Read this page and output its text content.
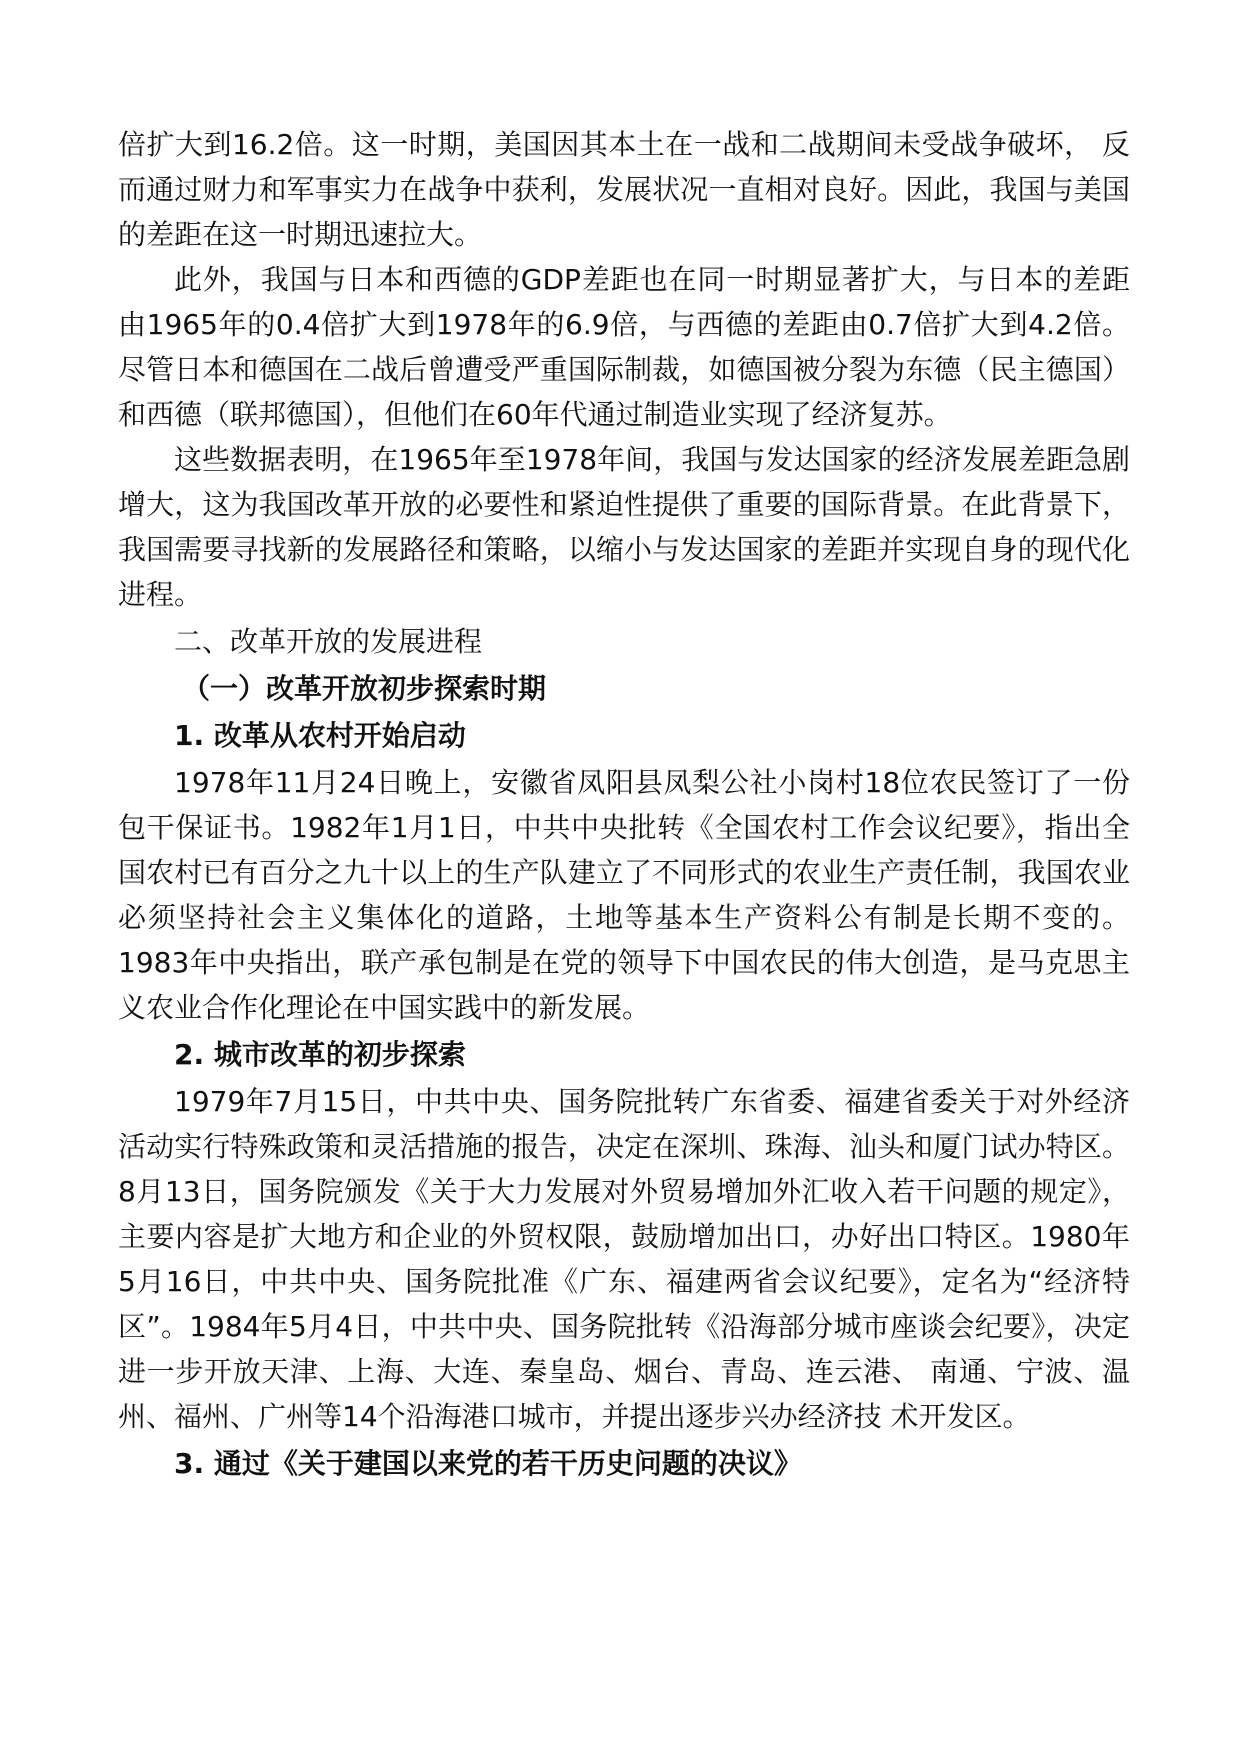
倍扩大到16.2倍。这一时期，美国因其本土在一战和二战期间未受战争破坏， 反而通过财力和军事实力在战争中获利，发展状况一直相对良好。因此，我国与美国的差距在这一时期迅速拉大。

此外，我国与日本和西德的GDP差距也在同一时期显著扩大，与日本的差距由1965年的0.4倍扩大到1978年的6.9倍，与西德的差距由0.7倍扩大到4.2倍。尽管日本和德国在二战后曾遭受严重国际制裁，如德国被分裂为东德（民主德国）和西德（联邦德国），但他们在60年代通过制造业实现了经济复苏。

这些数据表明，在1965年至1978年间，我国与发达国家的经济发展差距急剧增大，这为我国改革开放的必要性和紧迫性提供了重要的国际背景。在此背景下，我国需要寻找新的发展路径和策略，以缩小与发达国家的差距并实现自身的现代化进程。

二、改革开放的发展进程
（一）改革开放初步探索时期
1. 改革从农村开始启动

1978年11月24日晚上，安徽省凤阳县凤梨公社小岗村18位农民签订了一份包干保证书。1982年1月1日，中共中央批转《全国农村工作会议纪要》，指出全国农村已有百分之九十以上的生产队建立了不同形式的农业生产责任制，我国农业必须坚持社会主义集体化的道路，土地等基本生产资料公有制是长期不变的。1983年中央指出，联产承包制是在党的领导下中国农民的伟大创造，是马克思主义农业合作化理论在中国实践中的新发展。

2. 城市改革的初步探索

1979年7月15日，中共中央、国务院批转广东省委、福建省委关于对外经济活动实行特殊政策和灵活措施的报告，决定在深圳、珠海、汕头和厦门试办特区。8月13日，国务院颁发《关于大力发展对外贸易增加外汇收入若干问题的规定》，主要内容是扩大地方和企业的外贸权限，鼓励增加出口，办好出口特区。1980年5月16日，中共中央、国务院批准《广东、福建两省会议纪要》，定名为“经济特区”。1984年5月4日，中共中央、国务院批转《沿海部分城市座谈会纪要》，决定进一步开放天津、上海、大连、秦皇岛、烟台、青岛、连云港、 南通、宁波、温州、福州、广州等14个沿海港口城市，并提出逐步兴办经济技 术开发区。

3. 通过《关于建国以来党的若干历史问题的决议》
